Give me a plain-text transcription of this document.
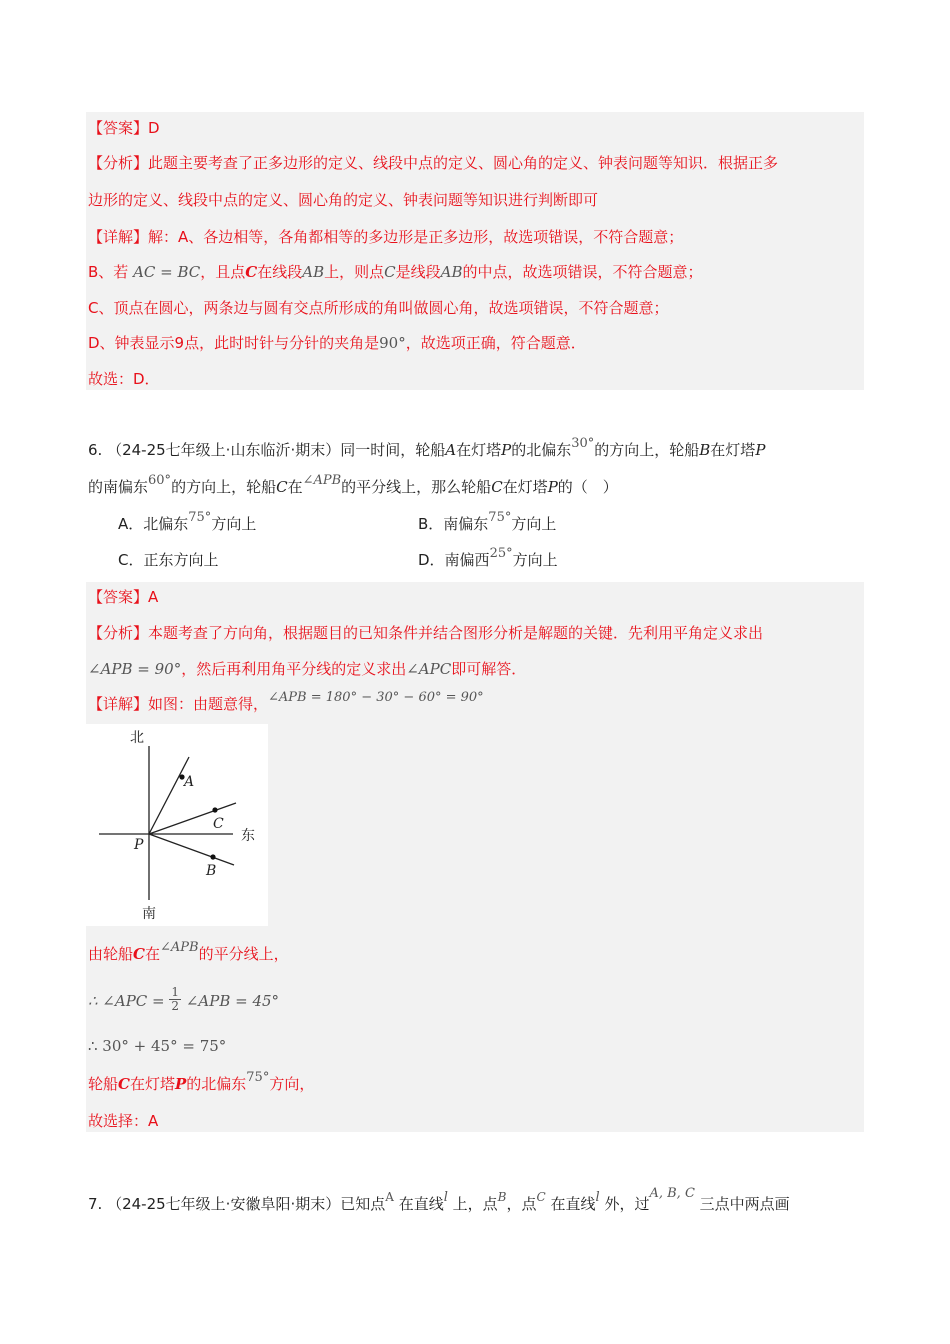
【答案】D
【分析】此题主要考查了正多边形的定义、线段中点的定义、圆心角的定义、钟表问题等知识．根据正多
边形的定义、线段中点的定义、圆心角的定义、钟表问题等知识进行判断即可
【详解】解：A、各边相等，各角都相等的多边形是正多边形，故选项错误，不符合题意；
B、若 AC = BC，且点C在线段AB上，则点C是线段AB的中点，故选项错误，不符合题意；
C、顶点在圆心，两条边与圆有交点所形成的角叫做圆心角，故选项错误，不符合题意；
D、钟表显示9点，此时时针与分针的夹角是90°，故选项正确，符合题意．
故选：D．
6. （24-25七年级上·山东临沂·期末）同一时间，轮船A在灯塔P的北偏东30°的方向上，轮船B在灯塔P
的南偏东60°的方向上，轮船C在∠APB的平分线上，那么轮船C在灯塔P的（　）
A．北偏东75°方向上	B．南偏东75°方向上
C．正东方向上	D．南偏西25°方向上
【答案】A
【分析】本题考查了方向角，根据题目的已知条件并结合图形分析是解题的关键．先利用平角定义求出
∠APB = 90°，然后再利用角平分线的定义求出∠APC即可解答．
【详解】如图：由题意得，∠APB = 180° − 30° − 60° = 90°
由轮船C在∠APB的平分线上，
∴ ∠APC = $\frac{1}{2}$ ∠APB = 45°
∴ 30° + 45° = 75°
轮船C在灯塔P的北偏东75°方向，
故选择：A
北
东
南
P
A
C
B
7. （24-25七年级上·安徽阜阳·期末）已知点$^A$ 在直线l 上，点$^B$，点$^C$ 在直线l 外，过A, B, C 三点中两点画
